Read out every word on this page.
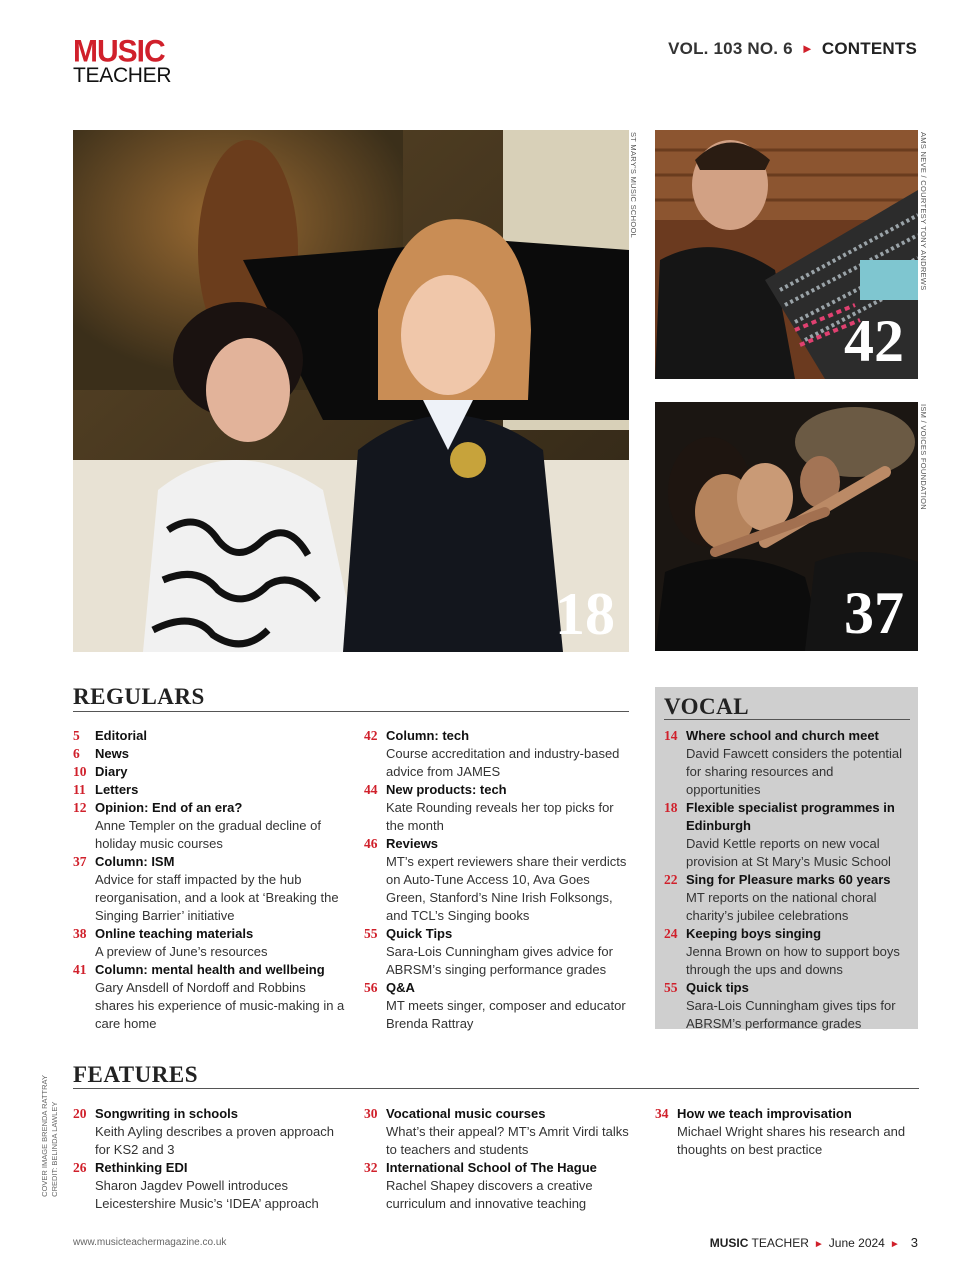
MUSIC
TEACHER
VOL. 103 NO. 6 ► CONTENTS
18
ST MARY'S MUSIC SCHOOL
42
AMS NEVE / COURTESY TONY ANDREWS
37
ISM / VOICES FOUNDATION
REGULARS
5	Editorial
6	News
10 Diary
11 Letters
12 Opinion: End of an era?
Anne Templer on the gradual decline of holiday music courses
37 Column: ISM
Advice for staff impacted by the hub reorganisation, and a look at ‘Breaking the Singing Barrier’ initiative
38 Online teaching materials
A preview of June’s resources
41 Column: mental health and wellbeing
Gary Ansdell of Nordoff and Robbins shares his experience of music-making in a care home
42 Column: tech
Course accreditation and industry-based advice from JAMES
44 New products: tech
Kate Rounding reveals her top picks for the month
46 Reviews
MT’s expert reviewers share their verdicts on Auto-Tune Access 10, Ava Goes Green, Stanford’s Nine Irish Folksongs, and TCL’s Singing books
55 Quick Tips
Sara-Lois Cunningham gives advice for ABRSM’s singing performance grades
56 Q&A
MT meets singer, composer and educator Brenda Rattray
VOCAL
14 Where school and church meet
David Fawcett considers the potential for sharing resources and opportunities
18 Flexible specialist programmes in Edinburgh
David Kettle reports on new vocal provision at St Mary’s Music School
22 Sing for Pleasure marks 60 years
MT reports on the national choral charity’s jubilee celebrations
24 Keeping boys singing
Jenna Brown on how to support boys through the ups and downs
55 Quick tips
Sara-Lois Cunningham gives tips for ABRSM’s performance grades
FEATURES
20 Songwriting in schools
Keith Ayling describes a proven approach for KS2 and 3
26 Rethinking EDI
Sharon Jagdev Powell introduces Leicestershire Music’s ‘IDEA’ approach
30 Vocational music courses
What’s their appeal? MT’s Amrit Virdi talks to teachers and students
32 International School of The Hague
Rachel Shapey discovers a creative curriculum and innovative teaching
34 How we teach improvisation
Michael Wright shares his research and thoughts on best practice
COVER IMAGE BRENDA RATTRAY
CREDIT: BELINDA LAWLEY
www.musicteachermagazine.co.uk	MUSIC TEACHER ► June 2024 ► 3
